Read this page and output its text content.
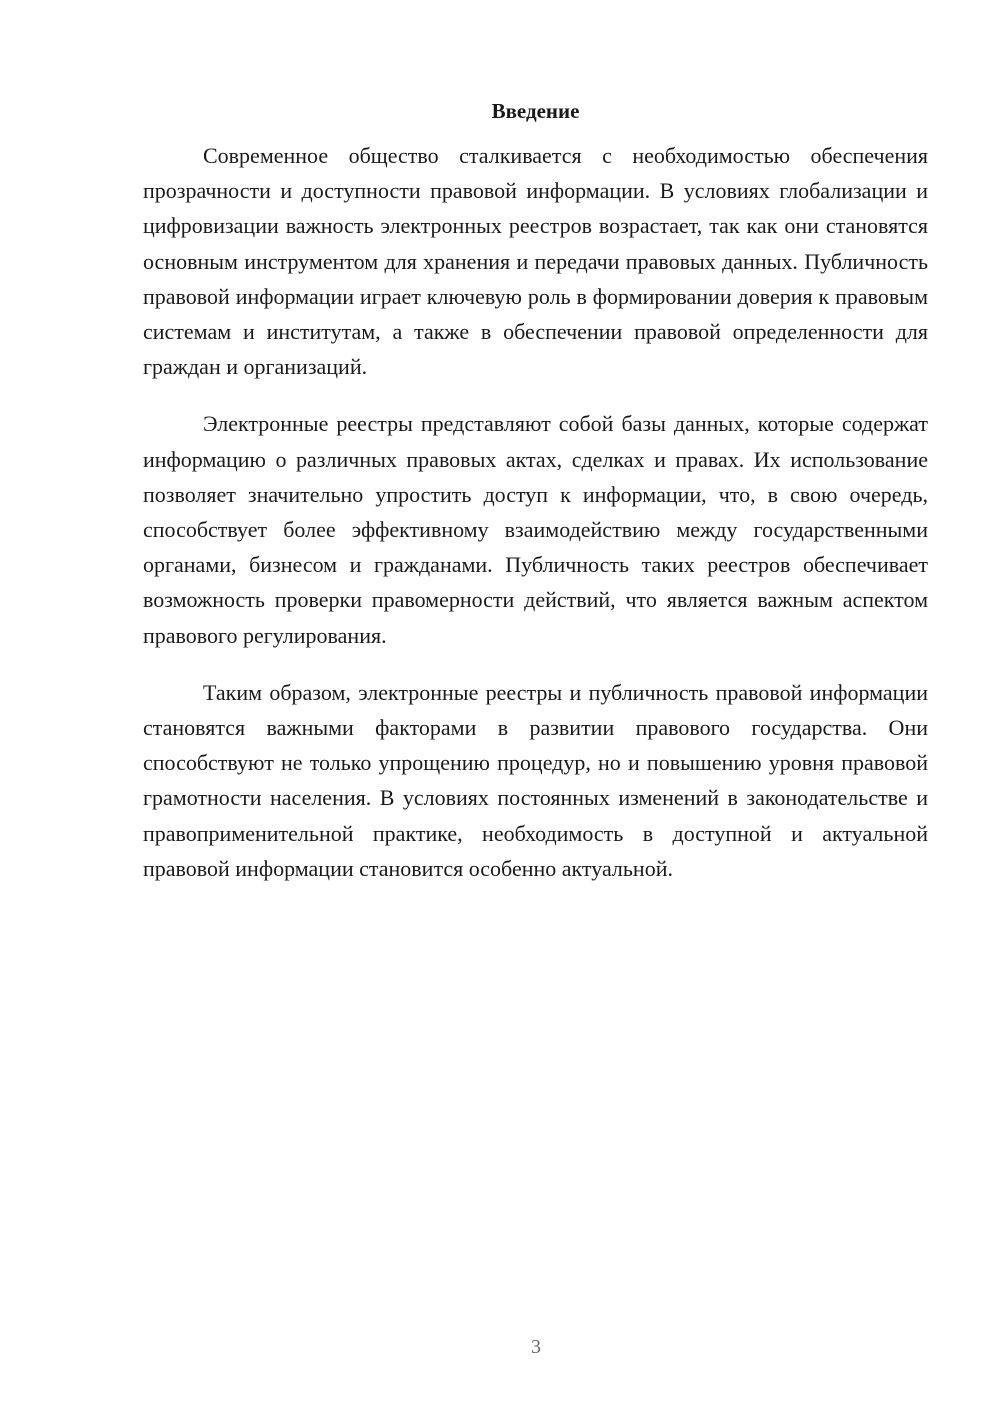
Введение

Современное общество сталкивается с необходимостью обеспечения прозрачности и доступности правовой информации. В условиях глобализации и цифровизации важность электронных реестров возрастает, так как они становятся основным инструментом для хранения и передачи правовых данных. Публичность правовой информации играет ключевую роль в формировании доверия к правовым системам и институтам, а также в обеспечении правовой определенности для граждан и организаций.

Электронные реестры представляют собой базы данных, которые содержат информацию о различных правовых актах, сделках и правах. Их использование позволяет значительно упростить доступ к информации, что, в свою очередь, способствует более эффективному взаимодействию между государственными органами, бизнесом и гражданами. Публичность таких реестров обеспечивает возможность проверки правомерности действий, что является важным аспектом правового регулирования.

Таким образом, электронные реестры и публичность правовой информации становятся важными факторами в развитии правового государства. Они способствуют не только упрощению процедур, но и повышению уровня правовой грамотности населения. В условиях постоянных изменений в законодательстве и правоприменительной практике, необходимость в доступной и актуальной правовой информации становится особенно актуальной.

3
